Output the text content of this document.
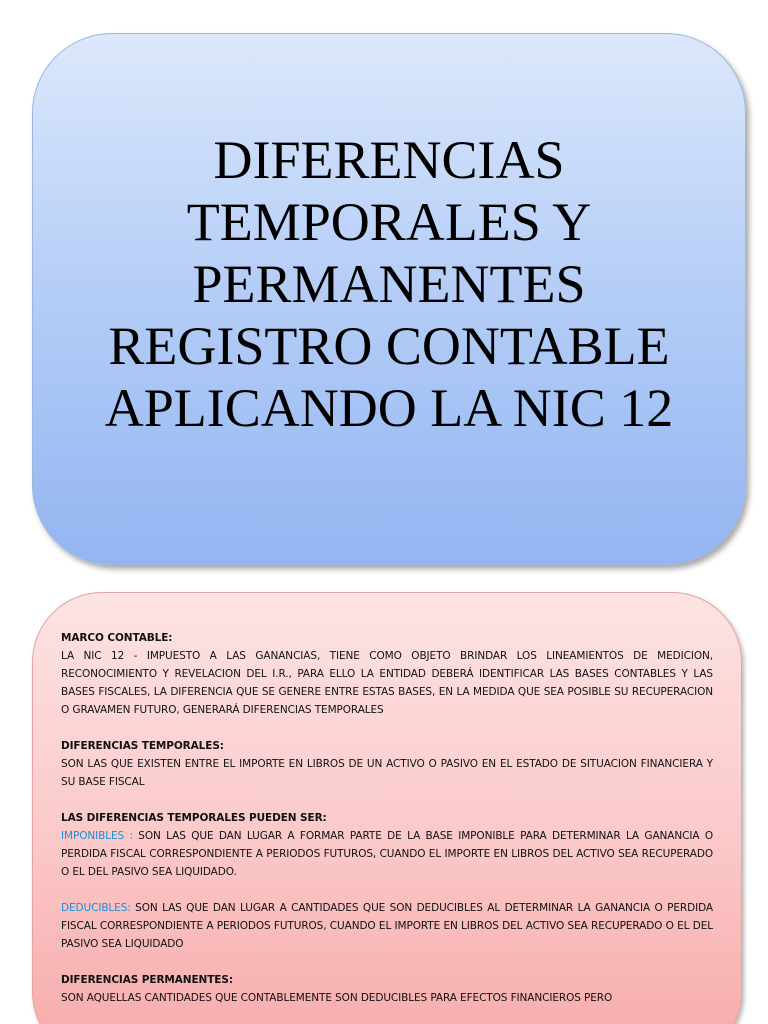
DIFERENCIAS
TEMPORALES Y
PERMANENTES
REGISTRO CONTABLE
APLICANDO LA NIC 12
MARCO CONTABLE:
LA NIC 12 - IMPUESTO A LAS GANANCIAS, TIENE COMO OBJETO BRINDAR LOS LINEAMIENTOS DE MEDICION, RECONOCIMIENTO Y REVELACION DEL I.R., PARA ELLO LA ENTIDAD DEBERÁ IDENTIFICAR LAS BASES CONTABLES Y LAS BASES FISCALES, LA DIFERENCIA QUE SE GENERE ENTRE ESTAS BASES, EN LA MEDIDA QUE SEA POSIBLE SU RECUPERACION O GRAVAMEN FUTURO, GENERARÁ DIFERENCIAS TEMPORALES
DIFERENCIAS TEMPORALES:
SON LAS QUE EXISTEN ENTRE EL IMPORTE EN LIBROS DE UN ACTIVO O PASIVO EN EL ESTADO DE SITUACION FINANCIERA Y SU BASE FISCAL
LAS DIFERENCIAS TEMPORALES PUEDEN SER:
IMPONIBLES : SON LAS QUE DAN LUGAR A FORMAR PARTE DE LA BASE IMPONIBLE PARA DETERMINAR LA GANANCIA O PERDIDA FISCAL CORRESPONDIENTE A PERIODOS FUTUROS, CUANDO EL IMPORTE EN LIBROS DEL ACTIVO SEA RECUPERADO O EL DEL PASIVO SEA LIQUIDADO.
DEDUCIBLES: SON LAS QUE DAN LUGAR A CANTIDADES QUE SON DEDUCIBLES AL DETERMINAR LA GANANCIA O PERDIDA FISCAL CORRESPONDIENTE A PERIODOS FUTUROS, CUANDO EL IMPORTE EN LIBROS DEL ACTIVO SEA RECUPERADO O EL DEL PASIVO SEA LIQUIDADO
DIFERENCIAS PERMANENTES:
SON AQUELLAS CANTIDADES QUE CONTABLEMENTE SON DEDUCIBLES PARA EFECTOS FINANCIEROS PERO
